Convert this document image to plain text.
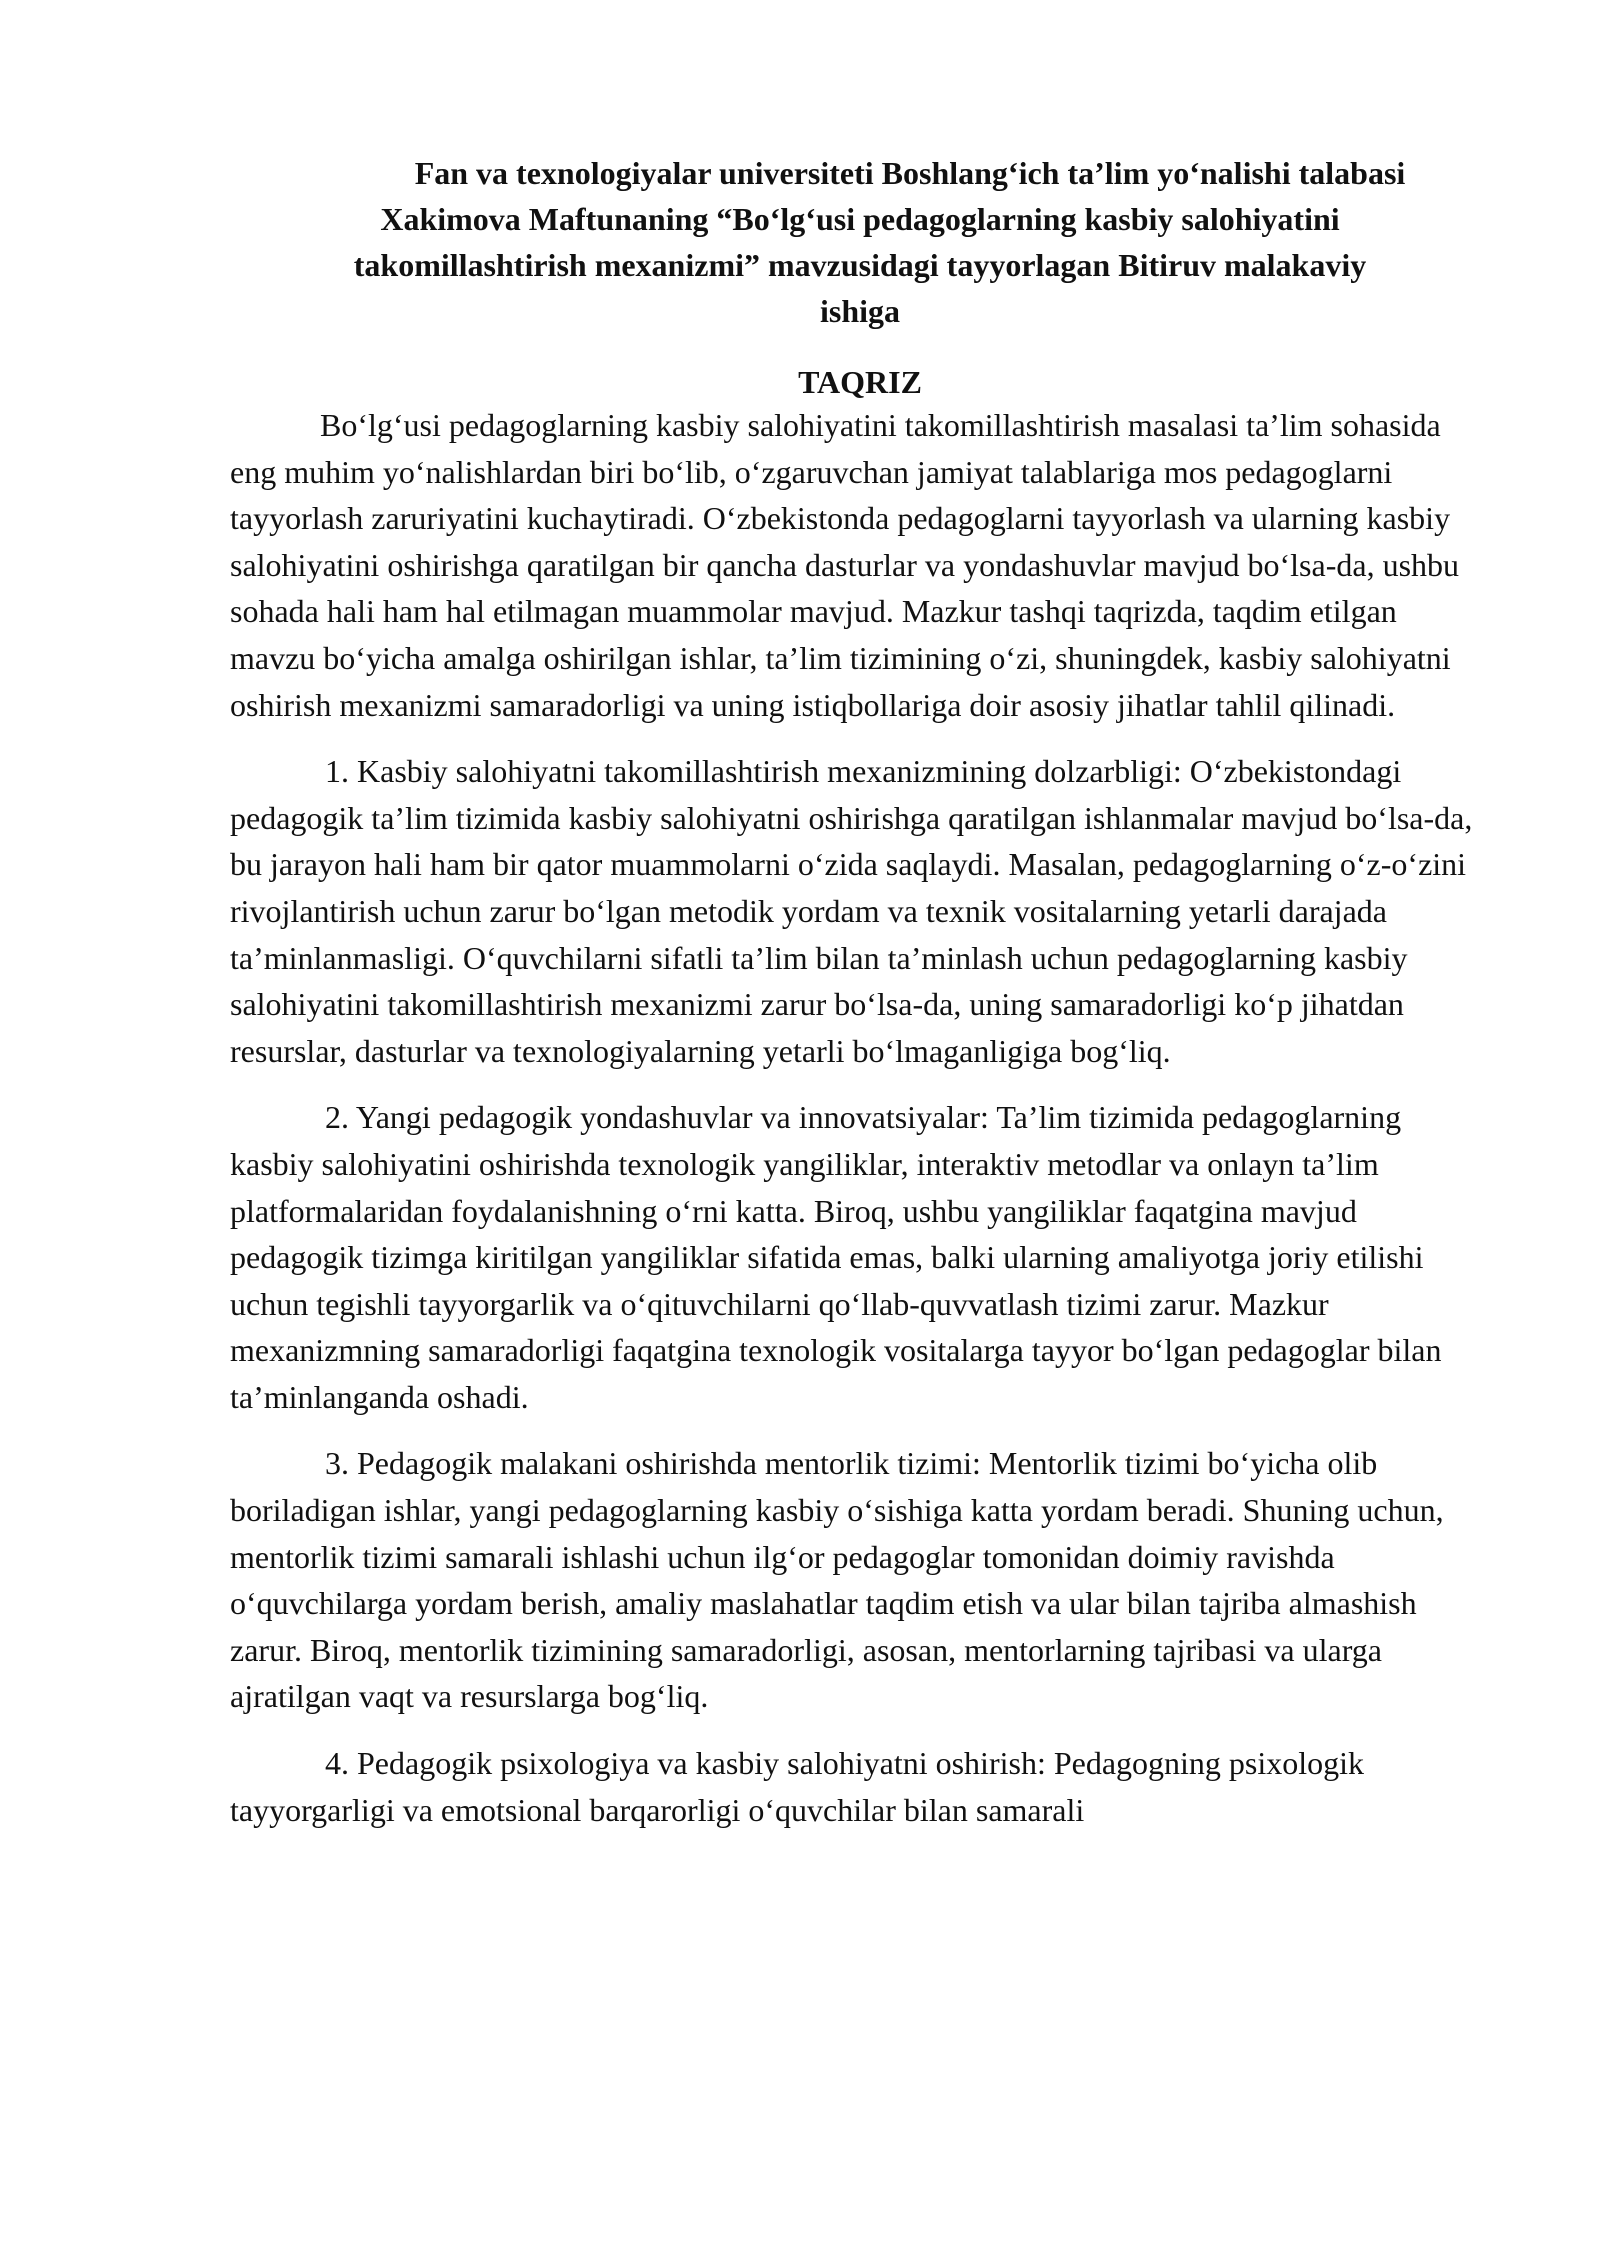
Fan va texnologiyalar universiteti Boshlang‘ich ta’lim yo‘nalishi talabasi
Xakimova Maftunaning “Bo‘lg‘usi pedagoglarning kasbiy salohiyatini
takomillashtirish mexanizmi” mavzusidagi tayyorlagan Bitiruv malakaviy
ishiga
TAQRIZ

Bo‘lg‘usi pedagoglarning kasbiy salohiyatini takomillashtirish masalasi ta’lim sohasida eng muhim yo‘nalishlardan biri bo‘lib, o‘zgaruvchan jamiyat talablariga mos pedagoglarni tayyorlash zaruriyatini kuchaytiradi. O‘zbekistonda pedagoglarni tayyorlash va ularning kasbiy salohiyatini oshirishga qaratilgan bir qancha dasturlar va yondashuvlar mavjud bo‘lsa-da, ushbu sohada hali ham hal etilmagan muammolar mavjud. Mazkur tashqi taqrizda, taqdim etilgan mavzu bo‘yicha amalga oshirilgan ishlar, ta’lim tizimining o‘zi, shuningdek, kasbiy salohiyatni oshirish mexanizmi samaradorligi va uning istiqbollariga doir asosiy jihatlar tahlil qilinadi.

1. Kasbiy salohiyatni takomillashtirish mexanizmining dolzarbligi: O‘zbekistondagi pedagogik ta’lim tizimida kasbiy salohiyatni oshirishga qaratilgan ishlanmalar mavjud bo‘lsa-da, bu jarayon hali ham bir qator muammolarni o‘zida saqlaydi. Masalan, pedagoglarning o‘z-o‘zini rivojlantirish uchun zarur bo‘lgan metodik yordam va texnik vositalarning yetarli darajada ta’minlanmasligi. O‘quvchilarni sifatli ta’lim bilan ta’minlash uchun pedagoglarning kasbiy salohiyatini takomillashtirish mexanizmi zarur bo‘lsa-da, uning samaradorligi ko‘p jihatdan resurslar, dasturlar va texnologiyalarning yetarli bo‘lmaganligiga bog‘liq.

2. Yangi pedagogik yondashuvlar va innovatsiyalar: Ta’lim tizimida pedagoglarning kasbiy salohiyatini oshirishda texnologik yangiliklar, interaktiv metodlar va onlayn ta’lim platformalaridan foydalanishning o‘rni katta. Biroq, ushbu yangiliklar faqatgina mavjud pedagogik tizimga kiritilgan yangiliklar sifatida emas, balki ularning amaliyotga joriy etilishi uchun tegishli tayyorgarlik va o‘qituvchilarni qo‘llab-quvvatlash tizimi zarur. Mazkur mexanizmning samaradorligi faqatgina texnologik vositalarga tayyor bo‘lgan pedagoglar bilan ta’minlanganda oshadi.

3. Pedagogik malakani oshirishda mentorlik tizimi: Mentorlik tizimi bo‘yicha olib boriladigan ishlar, yangi pedagoglarning kasbiy o‘sishiga katta yordam beradi. Shuning uchun, mentorlik tizimi samarali ishlashi uchun ilg‘or pedagoglar tomonidan doimiy ravishda o‘quvchilarga yordam berish, amaliy maslahatlar taqdim etish va ular bilan tajriba almashish zarur. Biroq, mentorlik tizimining samaradorligi, asosan, mentorlarning tajribasi va ularga ajratilgan vaqt va resurslarga bog‘liq.

4. Pedagogik psixologiya va kasbiy salohiyatni oshirish: Pedagogning psixologik tayyorgarligi va emotsional barqarorligi o‘quvchilar bilan samarali
